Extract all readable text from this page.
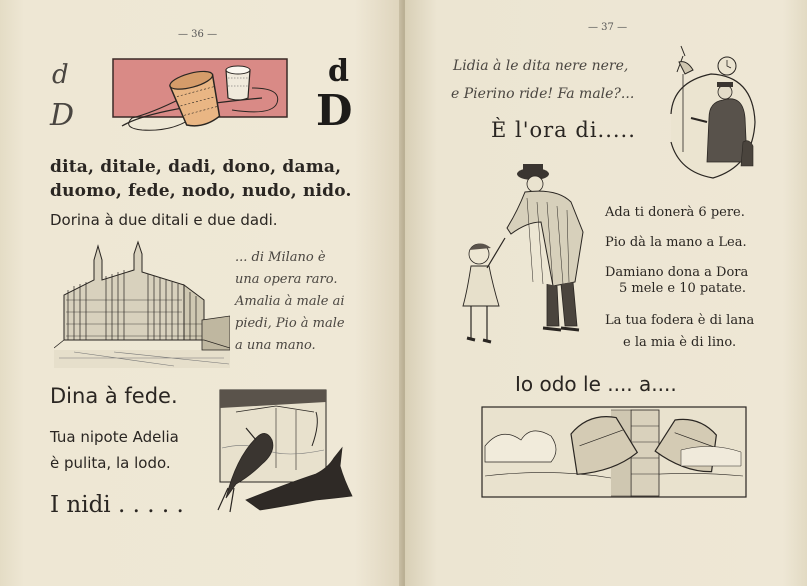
— 36 —
d
D
d
D
dita, ditale, dadi, dono, dama,
duomo, fede, nodo, nudo, nido.
Dorina à due ditali e due dadi.
... di Milano è
una opera raro.
Amalia à male ai
piedi, Pio à male
a una mano.
Dina à fede.
Tua nipote Adelia
è pulita, la lodo.
I nidi . . . . .
— 37 —
Lidia à le dita nere nere,
e Pierino ride! Fa male?...
È l'ora di.....
Ada ti donerà 6 pere.
Pio dà la mano a Lea.
Damiano dona a Dora
5 mele e 10 patate.
La tua fodera è di lana
e la mia è di lino.
Io odo le .... a....
